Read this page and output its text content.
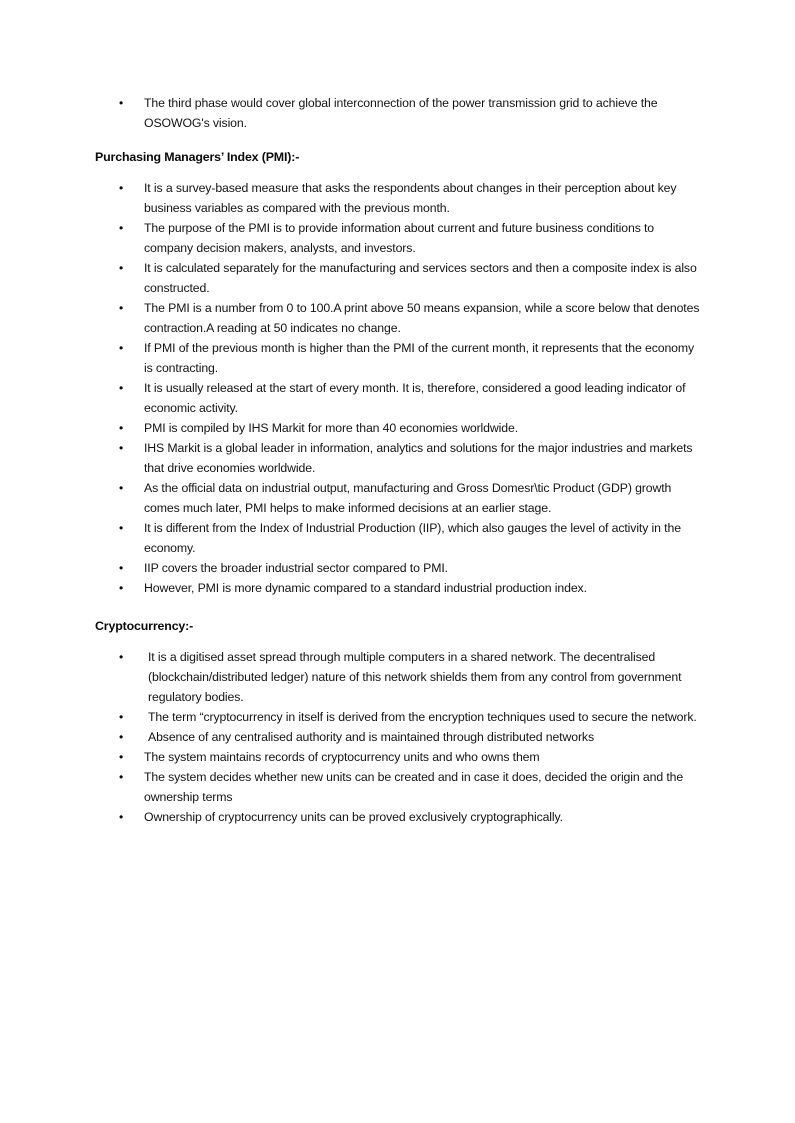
• The third phase would cover global interconnection of the power transmission grid to achieve the OSOWOG's vision.

Purchasing Managers’ Index (PMI):-

• It is a survey-based measure that asks the respondents about changes in their perception about key business variables as compared with the previous month.
• The purpose of the PMI is to provide information about current and future business conditions to company decision makers, analysts, and investors.
• It is calculated separately for the manufacturing and services sectors and then a composite index is also constructed.
• The PMI is a number from 0 to 100.A print above 50 means expansion, while a score below that denotes contraction.A reading at 50 indicates no change.
• If PMI of the previous month is higher than the PMI of the current month, it represents that the economy is contracting.
• It is usually released at the start of every month. It is, therefore, considered a good leading indicator of economic activity.
• PMI is compiled by IHS Markit for more than 40 economies worldwide.
• IHS Markit is a global leader in information, analytics and solutions for the major industries and markets that drive economies worldwide.
• As the official data on industrial output, manufacturing and Gross Domesr\tic Product (GDP) growth comes much later, PMI helps to make informed decisions at an earlier stage.
• It is different from the Index of Industrial Production (IIP), which also gauges the level of activity in the economy.
• IIP covers the broader industrial sector compared to PMI.
• However, PMI is more dynamic compared to a standard industrial production index.

Cryptocurrency:-

• It is a digitised asset spread through multiple computers in a shared network. The decentralised (blockchain/distributed ledger) nature of this network shields them from any control from government regulatory bodies.
• The term “cryptocurrency in itself is derived from the encryption techniques used to secure the network.
• Absence of any centralised authority and is maintained through distributed networks
• The system maintains records of cryptocurrency units and who owns them
• The system decides whether new units can be created and in case it does, decided the origin and the ownership terms
• Ownership of cryptocurrency units can be proved exclusively cryptographically.
